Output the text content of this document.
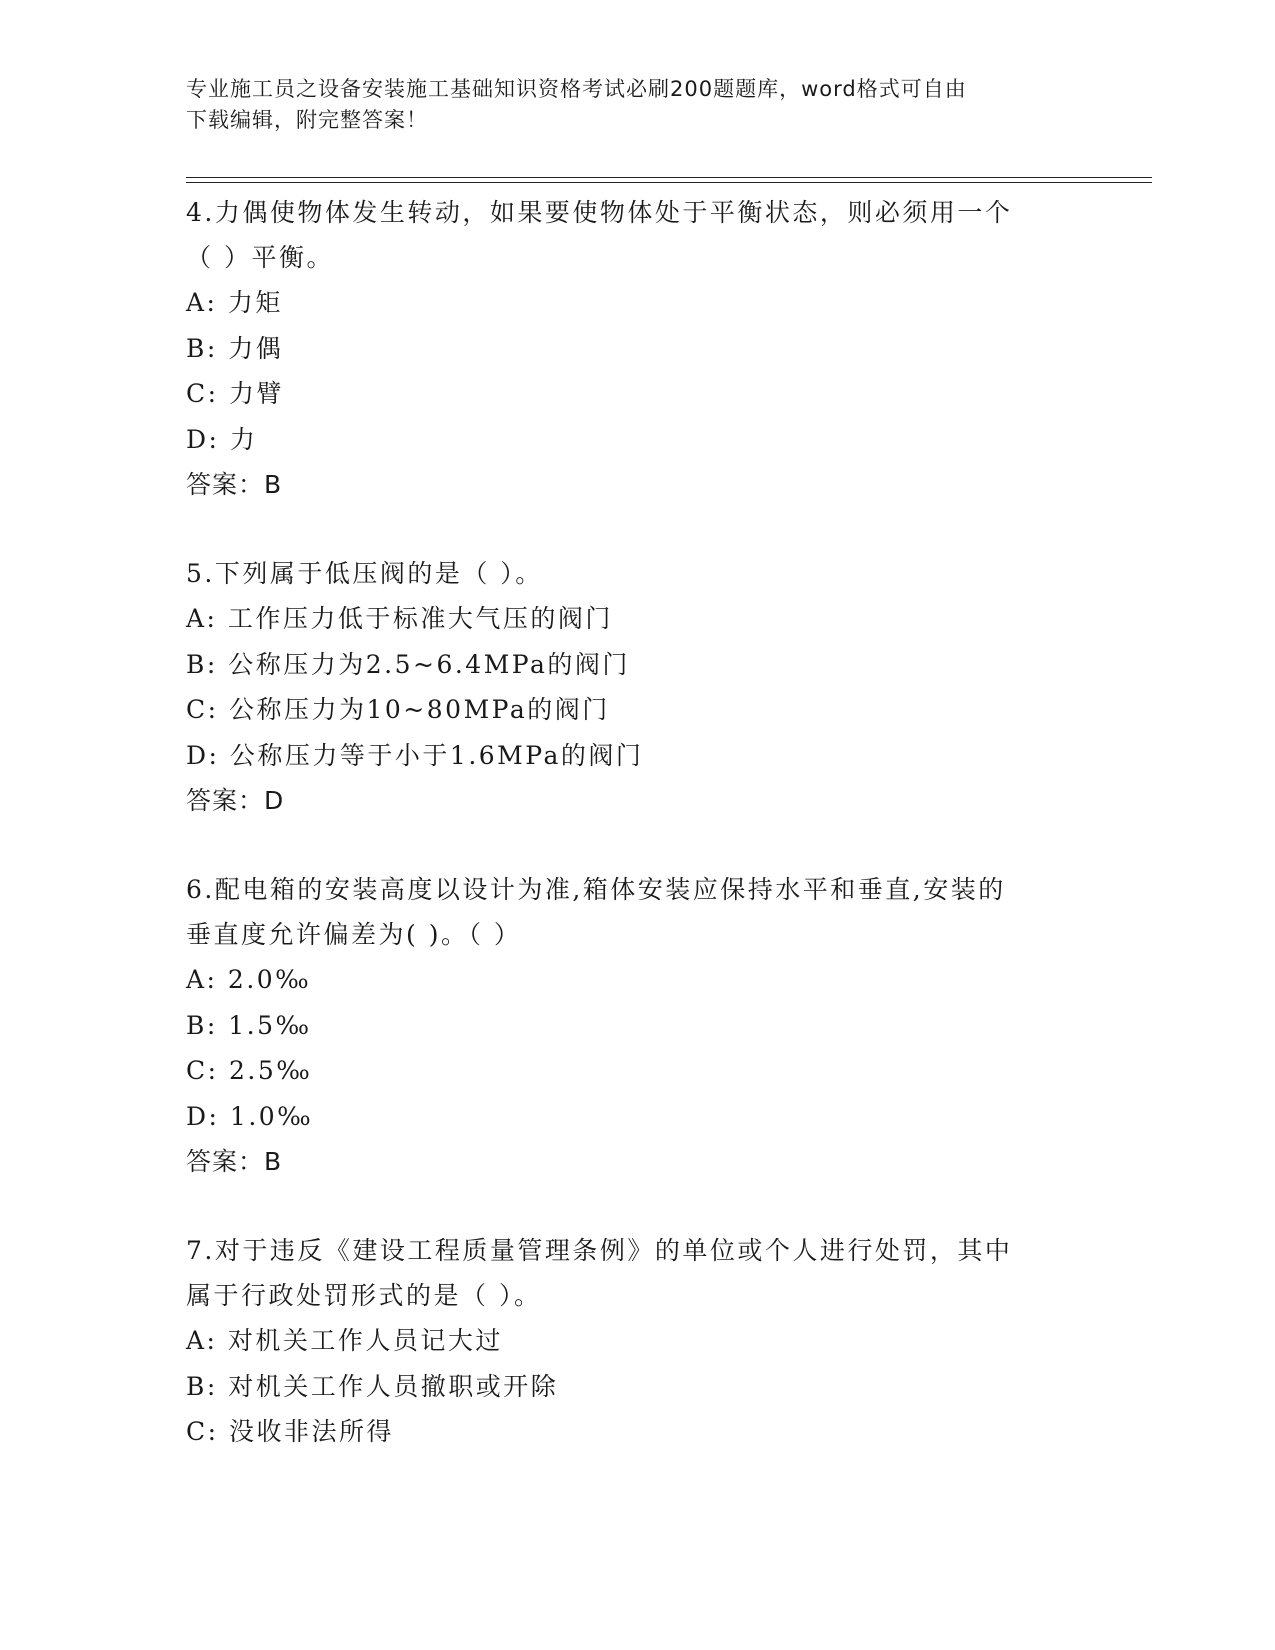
专业施工员之设备安装施工基础知识资格考试必刷200题题库，word格式可自由
下载编辑，附完整答案！
4.力偶使物体发生转动，如果要使物体处于平衡状态，则必须用一个
（ ）平衡。
A: 力矩
B: 力偶
C: 力臂
D: 力
答案：B
5.下列属于低压阀的是（ ）。
A: 工作压力低于标准大气压的阀门
B: 公称压力为2.5~6.4MPa的阀门
C: 公称压力为10~80MPa的阀门
D: 公称压力等于小于1.6MPa的阀门
答案：D
6.配电箱的安装高度以设计为准,箱体安装应保持水平和垂直,安装的
垂直度允许偏差为( )。（ ）
A: 2.0‰
B: 1.5‰
C: 2.5‰
D: 1.0‰
答案：B
7.对于违反《建设工程质量管理条例》的单位或个人进行处罚，其中
属于行政处罚形式的是（ ）。
A: 对机关工作人员记大过
B: 对机关工作人员撤职或开除
C: 没收非法所得
